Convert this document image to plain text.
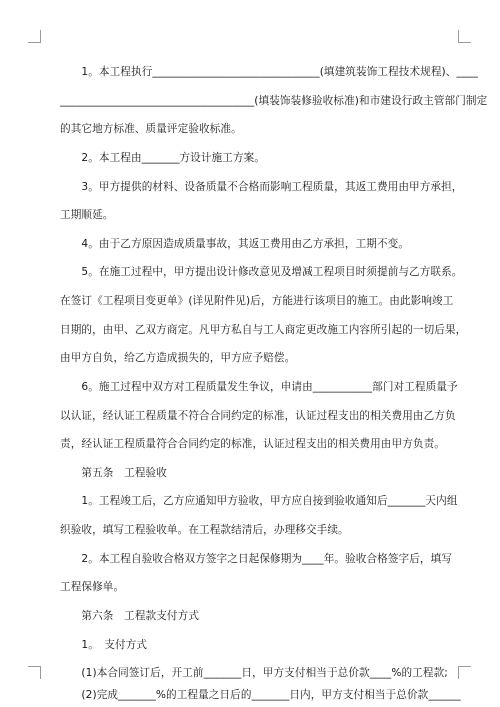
　　1。本工程执行_______________________________(填建筑装饰工程技术规程)、____
____________________________________(填装饰装修验收标准)和市建设行政主管部门制定
的其它地方标准、质量评定验收标准。
　　2。本工程由_______方设计施工方案。
　　3。甲方提供的材料、设备质量不合格而影响工程质量，其返工费用由甲方承担，
工期顺延。
　　4。由于乙方原因造成质量事故，其返工费用由乙方承担，工期不变。
　　5。在施工过程中，甲方提出设计修改意见及增减工程项目时须提前与乙方联系。
在签订《工程项目变更单》(详见附件见)后，方能进行该项目的施工。由此影响竣工
日期的，由甲、乙双方商定。凡甲方私自与工人商定更改施工内容所引起的一切后果，
由甲方自负，给乙方造成损失的，甲方应予赔偿。
　　6。施工过程中双方对工程质量发生争议，申请由___________部门对工程质量予
以认证，经认证工程质量不符合合同约定的标准，认证过程支出的相关费用由乙方负
责，经认证工程质量符合合同约定的标准，认证过程支出的相关费用由甲方负责。
　　第五条　工程验收
　　1。工程竣工后，乙方应通知甲方验收，甲方应自接到验收通知后_______天内组
织验收，填写工程验收单。在工程款结清后，办理移交手续。
　　2。本工程自验收合格双方签字之日起保修期为____年。验收合格签字后，填写
工程保修单。
　　第六条　工程款支付方式
　　1。　支付方式
　　(1)本合同签订后，开工前_______日，甲方支付相当于总价款____%的工程款;
　　(2)完成_______%的工程量之日后的_______日内，甲方支付相当于总价款______
